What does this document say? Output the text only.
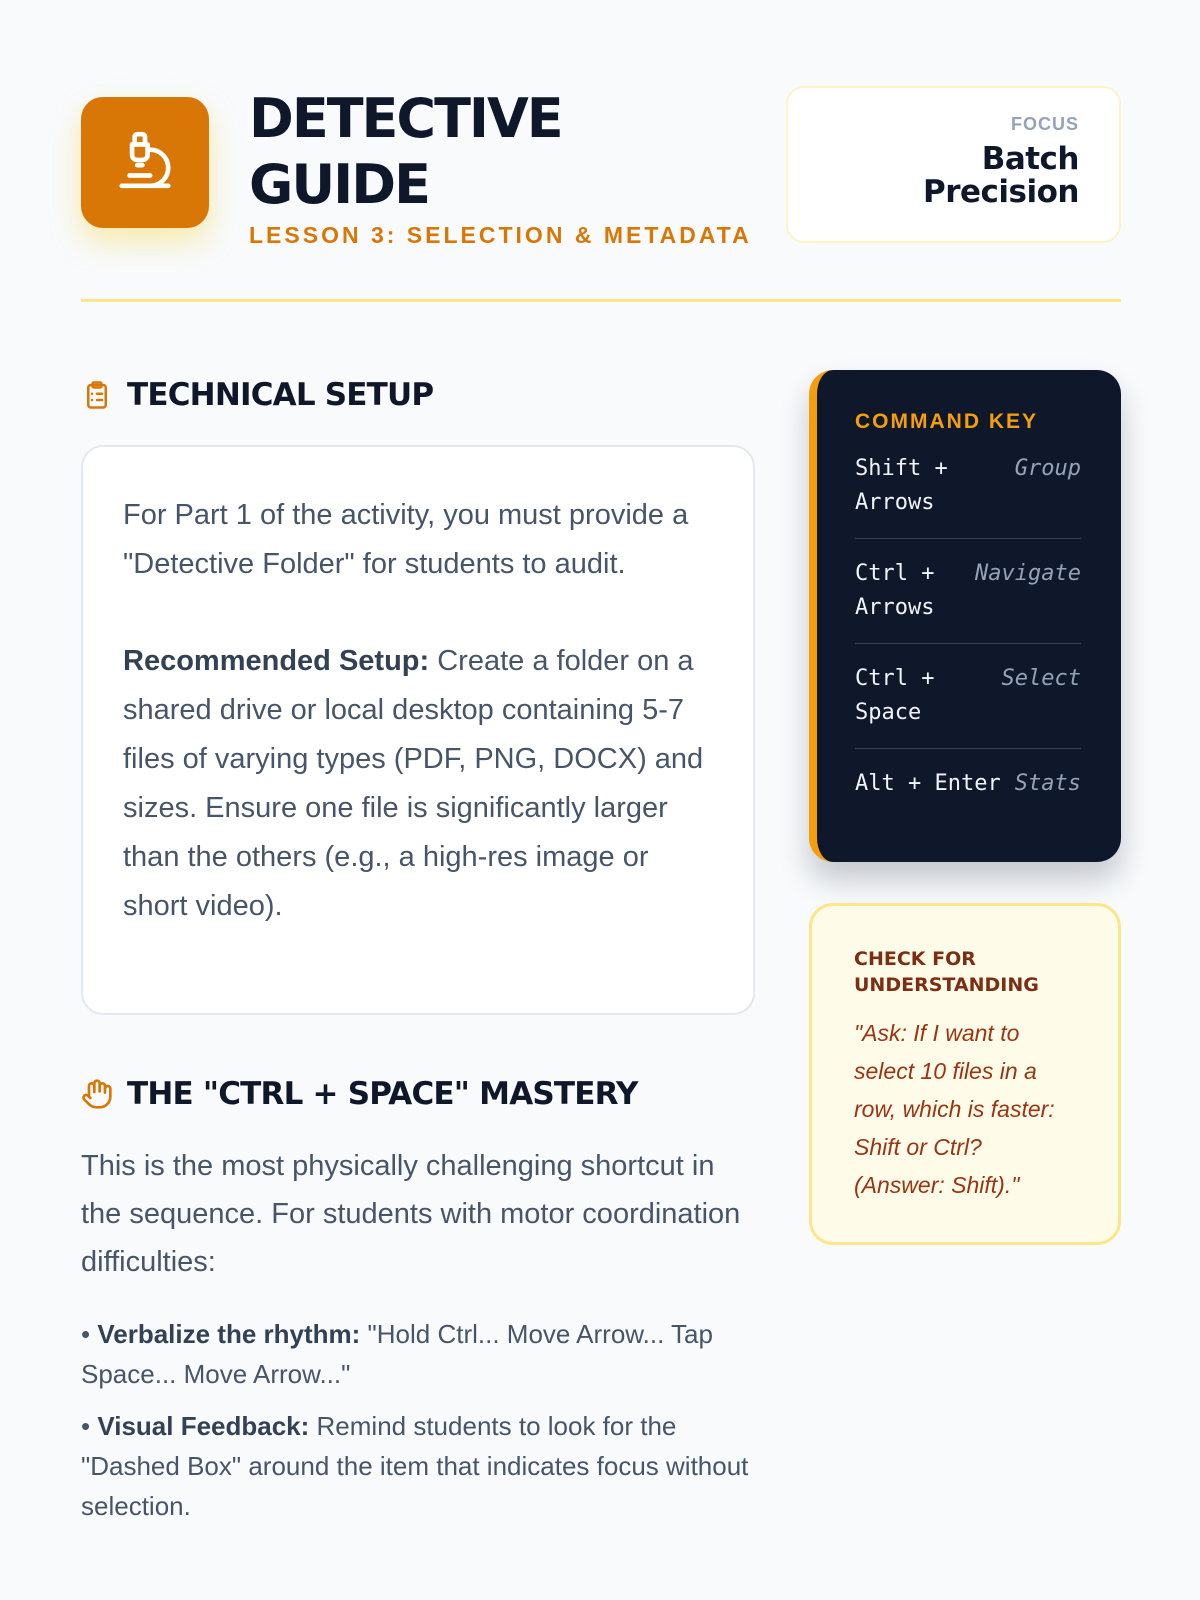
DETECTIVE
GUIDE
LESSON 3: SELECTION & METADATA
FOCUS
Batch
Precision
TECHNICAL SETUP

For Part 1 of the activity, you must provide a "Detective Folder" for students to audit.

Recommended Setup: Create a folder on a shared drive or local desktop containing 5-7 files of varying types (PDF, PNG, DOCX) and sizes. Ensure one file is significantly larger than the others (e.g., a high-res image or short video).

THE "CTRL + SPACE" MASTERY

This is the most physically challenging shortcut in the sequence. For students with motor coordination difficulties:

• Verbalize the rhythm: "Hold Ctrl... Move Arrow... Tap Space... Move Arrow..."
• Visual Feedback: Remind students to look for the "Dashed Box" around the item that indicates focus without selection.
COMMAND KEY
Shift + Arrows
Group
Ctrl + Arrows
Navigate
Ctrl + Space
Select
Alt + Enter Stats
CHECK FOR UNDERSTANDING
"Ask: If I want to select 10 files in a row, which is faster: Shift or Ctrl? (Answer: Shift)."
